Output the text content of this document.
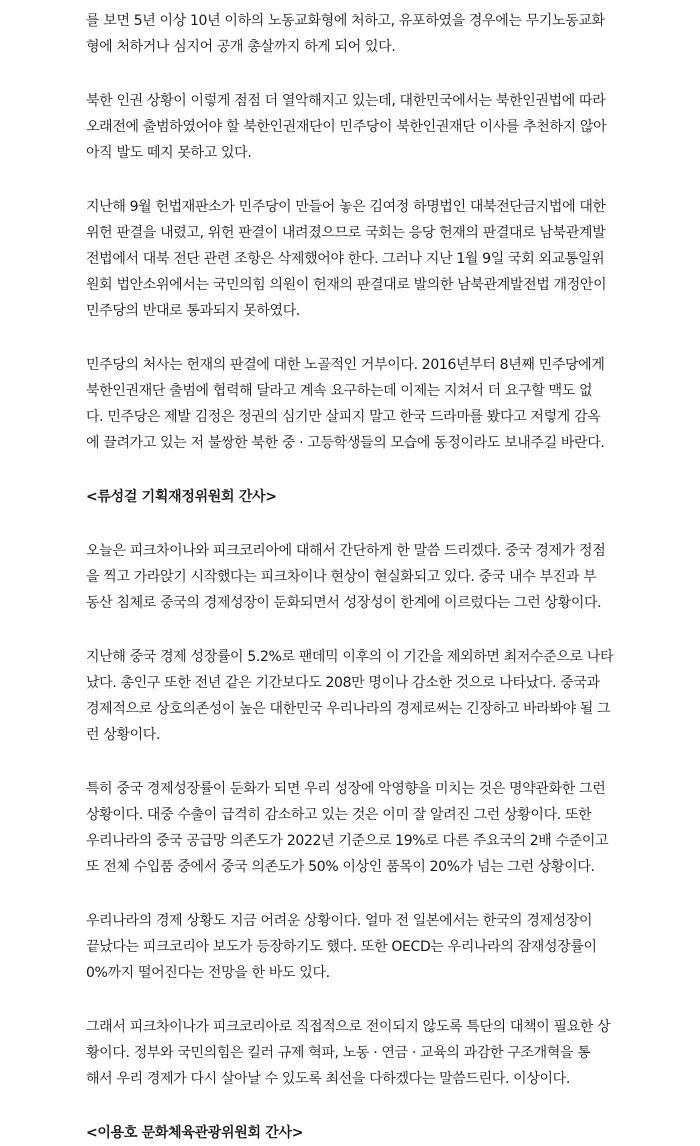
를 보면 5년 이상 10년 이하의 노동교화형에 처하고, 유포하였을 경우에는 무기노동교화
형에 처하거나 심지어 공개 총살까지 하게 되어 있다.
북한 인권 상황이 이렇게 점점 더 열악해지고 있는데, 대한민국에서는 북한인권법에 따라
오래전에 출범하였어야 할 북한인권재단이 민주당이 북한인권재단 이사를 추천하지 않아
아직 발도 떼지 못하고 있다.
지난해 9월 헌법재판소가 민주당이 만들어 놓은 김여정 하명법인 대북전단금지법에 대한
위헌 판결을 내렸고, 위헌 판결이 내려졌으므로 국회는 응당 헌재의 판결대로 남북관계발
전법에서 대북 전단 관련 조항은 삭제했어야 한다. 그러나 지난 1월 9일 국회 외교통일위
원회 법안소위에서는 국민의힘 의원이 헌재의 판결대로 발의한 남북관계발전법 개정안이
민주당의 반대로 통과되지 못하였다.
민주당의 처사는 헌재의 판결에 대한 노골적인 거부이다. 2016년부터 8년째 민주당에게
북한인권재단 출범에 협력해 달라고 계속 요구하는데 이제는 지쳐서 더 요구할 맥도 없
다. 민주당은 제발 김정은 정권의 심기만 살피지 말고 한국 드라마를 봤다고 저렇게 감옥
에 끌려가고 있는 저 불쌍한 북한 중 · 고등학생들의 모습에 동정이라도 보내주길 바란다.
<류성걸 기획재정위원회 간사>
오늘은 피크차이나와 피크코리아에 대해서 간단하게 한 말씀 드리겠다. 중국 경제가 정점
을 찍고 가라앉기 시작했다는 피크차이나 현상이 현실화되고 있다. 중국 내수 부진과 부
동산 침체로 중국의 경제성장이 둔화되면서 성장성이 한계에 이르렀다는 그런 상황이다.
지난해 중국 경제 성장률이 5.2%로 팬데믹 이후의 이 기간을 제외하면 최저수준으로 나타
났다. 총인구 또한 전년 같은 기간보다도 208만 명이나 감소한 것으로 나타났다. 중국과
경제적으로 상호의존성이 높은 대한민국 우리나라의 경제로써는 긴장하고 바라봐야 될 그
런 상황이다.
특히 중국 경제성장률이 둔화가 되면 우리 성장에 악영향을 미치는 것은 명약관화한 그런
상황이다. 대중 수출이 급격히 감소하고 있는 것은 이미 잘 알려진 그런 상황이다. 또한
우리나라의 중국 공급망 의존도가 2022년 기준으로 19%로 다른 주요국의 2배 수준이고
또 전체 수입품 중에서 중국 의존도가 50% 이상인 품목이 20%가 넘는 그런 상황이다.
우리나라의 경제 상황도 지금 어려운 상황이다. 얼마 전 일본에서는 한국의 경제성장이
끝났다는 피크코리아 보도가 등장하기도 했다. 또한 OECD는 우리나라의 잠재성장률이
0%까지 떨어진다는 전망을 한 바도 있다.
그래서 피크차이나가 피크코리아로 직접적으로 전이되지 않도록 특단의 대책이 필요한 상
황이다. 정부와 국민의힘은 킬러 규제 혁파, 노동 · 연금 · 교육의 과감한 구조개혁을 통
해서 우리 경제가 다시 살아날 수 있도록 최선을 다하겠다는 말씀드린다. 이상이다.
<이용호 문화체육관광위원회 간사>
